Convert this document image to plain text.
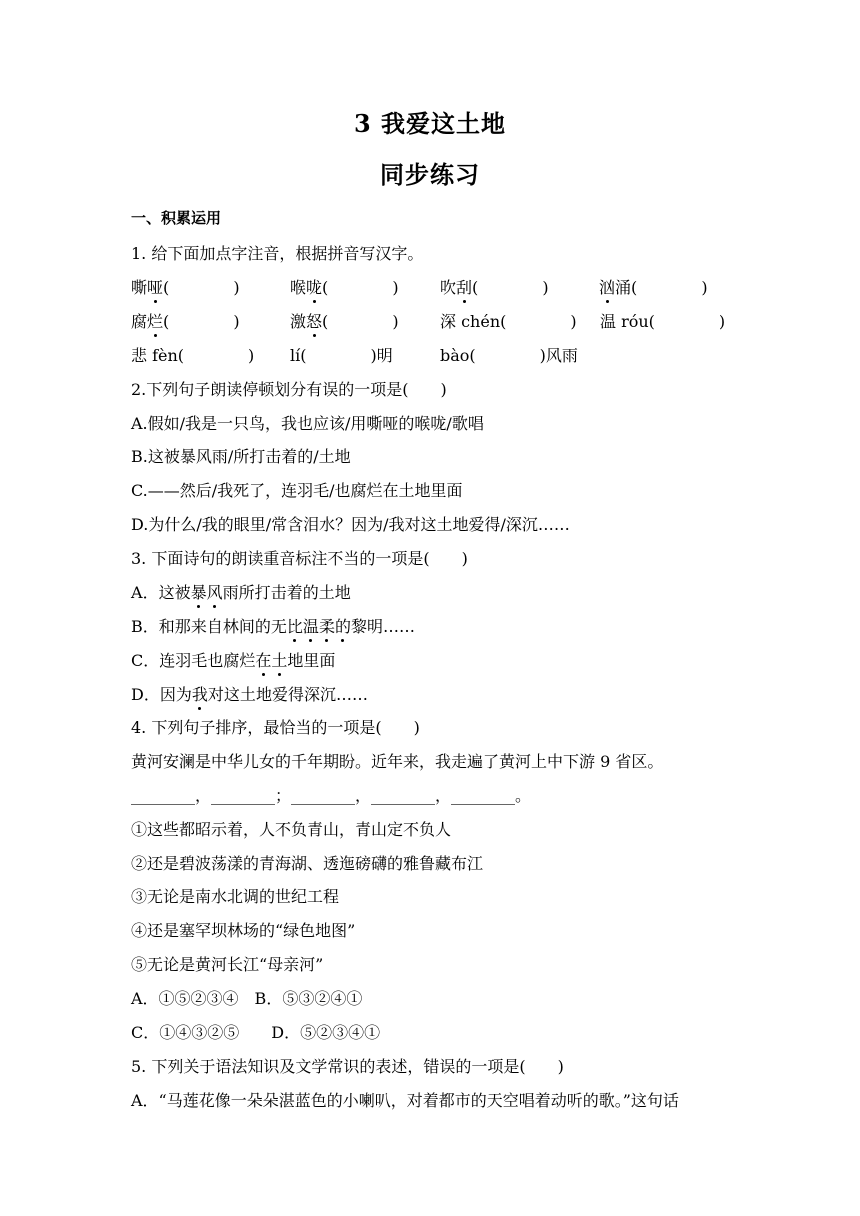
3 我爱这土地
同步练习
一、积累运用
1. 给下面加点字注音，根据拼音写汉字。
嘶哑(　　　　	)	喉咙(　　　　	)	吹刮(　　　　	)	汹涌(　　　　	)
腐烂(　　　　	)	激怒(　　　　	)	深 chén(　　　　) 温 róu(　　　　)
悲 fèn(　　　　) lí(　　　　)明	bào(　　　　)风雨
2.下列句子朗读停顿划分有误的一项是(　　)
A.假如/我是一只鸟，我也应该/用嘶哑的喉咙/歌唱
B.这被暴风雨/所打击着的/土地
C.——然后/我死了，连羽毛/也腐烂在土地里面
D.为什么/我的眼里/常含泪水？因为/我对这土地爱得/深沉……
3. 下面诗句的朗读重音标注不当的一项是(　　)
A．这被暴风雨所打击着的土地
B．和那来自林间的无比温柔的黎明……
C．连羽毛也腐烂在土地里面
D．因为我对这土地爱得深沉……
4. 下列句子排序，最恰当的一项是(　　)
黄河安澜是中华儿女的千年期盼。近年来，我走遍了黄河上中下游 9 省区。
________，________；________，________，________。
①这些都昭示着，人不负青山，青山定不负人
②还是碧波荡漾的青海湖、透迤磅礴的雅鲁藏布江
③无论是南水北调的世纪工程
④还是塞罕坝林场的“绿色地图”
⑤无论是黄河长江“母亲河”
A．①⑤②③④　B．⑤③②④①
C．①④③②⑤　　D．⑤②③④①
5. 下列关于语法知识及文学常识的表述，错误的一项是(　　)
A．“马莲花像一朵朵湛蓝色的小喇叭，对着都市的天空唱着动听的歌。”这句话
